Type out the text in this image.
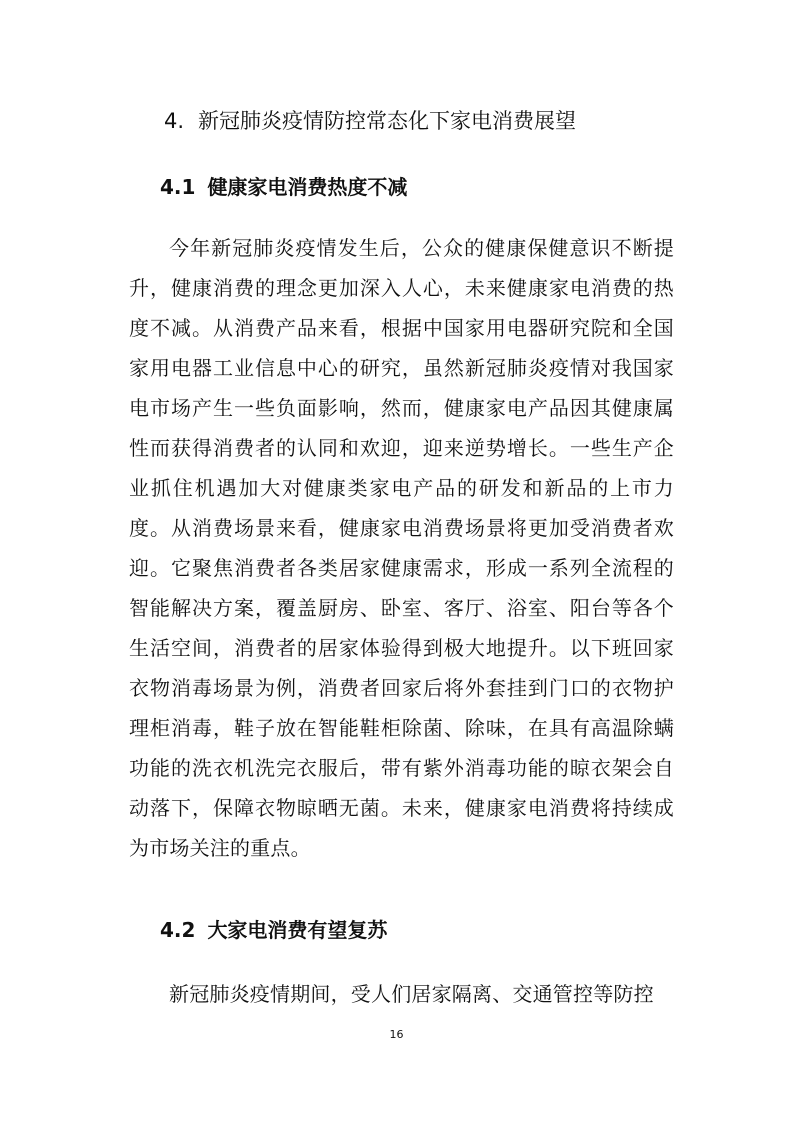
4. 新冠肺炎疫情防控常态化下家电消费展望
4.1 健康家电消费热度不减

今年新冠肺炎疫情发生后，公众的健康保健意识不断提升，健康消费的理念更加深入人心，未来健康家电消费的热度不减。从消费产品来看，根据中国家用电器研究院和全国家用电器工业信息中心的研究，虽然新冠肺炎疫情对我国家电市场产生一些负面影响，然而，健康家电产品因其健康属性而获得消费者的认同和欢迎，迎来逆势增长。一些生产企业抓住机遇加大对健康类家电产品的研发和新品的上市力度。从消费场景来看，健康家电消费场景将更加受消费者欢迎。它聚焦消费者各类居家健康需求，形成一系列全流程的智能解决方案，覆盖厨房、卧室、客厅、浴室、阳台等各个生活空间，消费者的居家体验得到极大地提升。以下班回家衣物消毒场景为例，消费者回家后将外套挂到门口的衣物护理柜消毒，鞋子放在智能鞋柜除菌、除味，在具有高温除螨功能的洗衣机洗完衣服后，带有紫外消毒功能的晾衣架会自动落下，保障衣物晾晒无菌。未来，健康家电消费将持续成为市场关注的重点。

4.2 大家电消费有望复苏

新冠肺炎疫情期间，受人们居家隔离、交通管控等防控

16
